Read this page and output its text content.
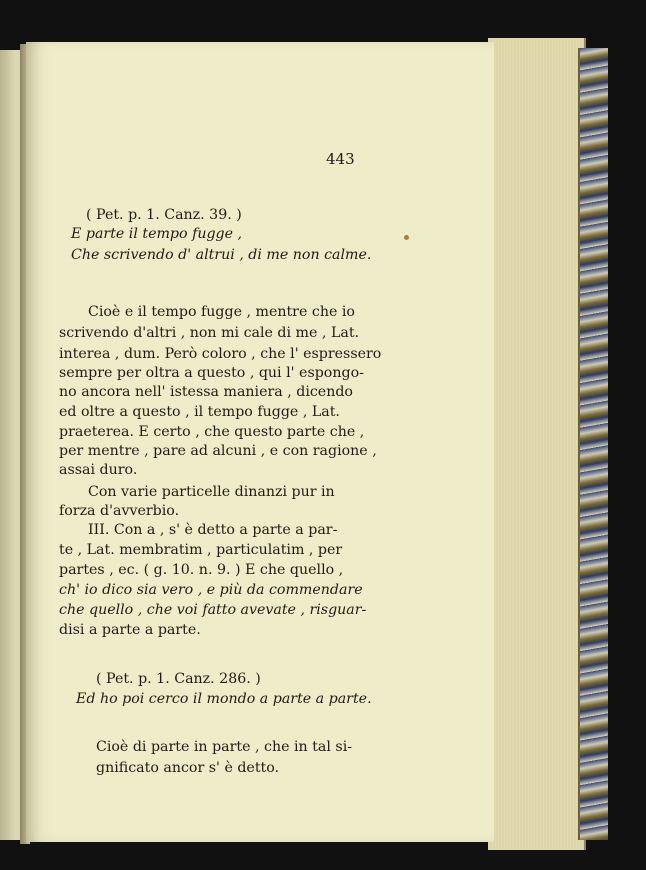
443
( Pet. p. 1. Canz. 39. )
E parte il tempo fugge ,
Che scrivendo d' altrui , di me non calme.
Cioè e il tempo fugge , mentre che io
scrivendo d'altri , non mi cale di me , Lat.
interea , dum. Però coloro , che l' espressero
sempre per oltra a questo , qui l' espongo-
no ancora nell' istessa maniera , dicendo
ed oltre a questo , il tempo fugge , Lat.
praeterea. E certo , che questo parte che ,
per mentre , pare ad alcuni , e con ragione ,
assai duro.
Con varie particelle dinanzi pur in
forza d'avverbio.
III. Con a , s' è detto a parte a par-
te , Lat. membratim , particulatim , per
partes , ec. ( g. 10. n. 9. ) E che quello ,
ch' io dico sia vero , e più da commendare
che quello , che voi fatto avevate , risguar-
disi a parte a parte.
( Pet. p. 1. Canz. 286. )
Ed ho poi cerco il mondo a parte a parte.
Cioè di parte in parte , che in tal si-
gnificato ancor s' è detto.
